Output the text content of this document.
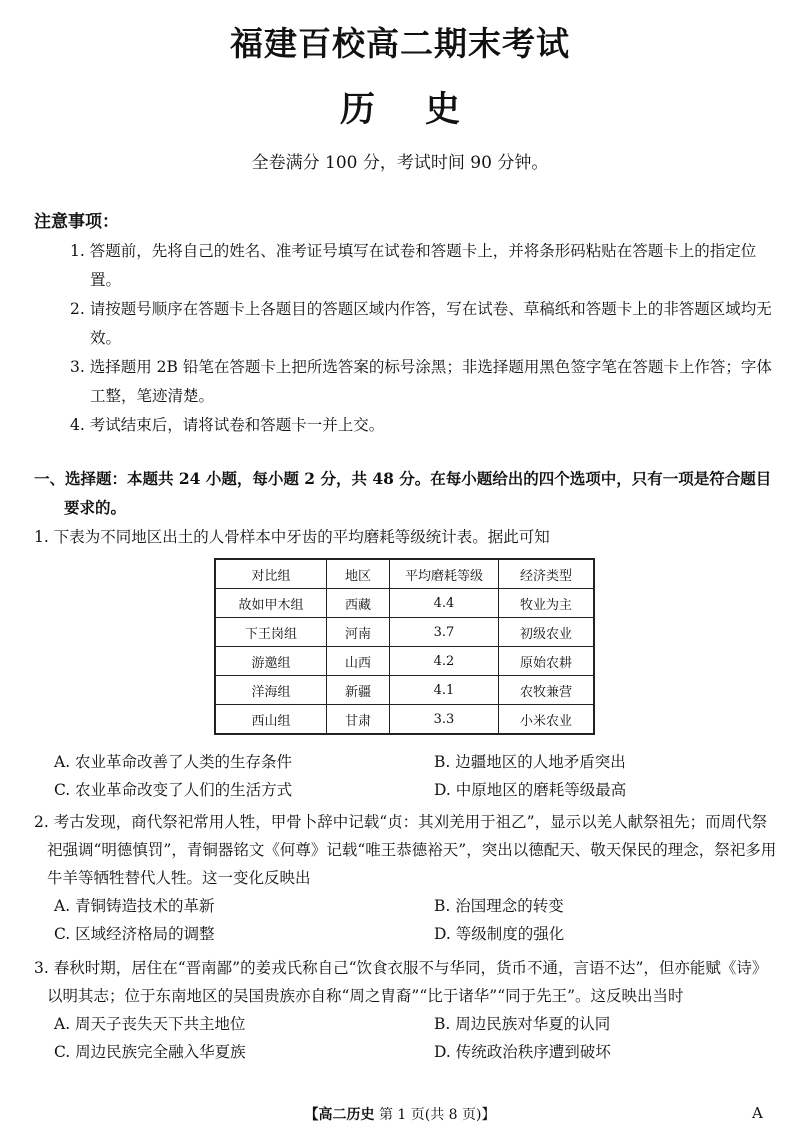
福建百校高二期末考试
历史
全卷满分 100 分，考试时间 90 分钟。
注意事项：
1. 答题前，先将自己的姓名、准考证号填写在试卷和答题卡上，并将条形码粘贴在答题卡上的指定位置。
2. 请按题号顺序在答题卡上各题目的答题区域内作答，写在试卷、草稿纸和答题卡上的非答题区域均无效。
3. 选择题用 2B 铅笔在答题卡上把所选答案的标号涂黑；非选择题用黑色签字笔在答题卡上作答；字体工整，笔迹清楚。
4. 考试结束后，请将试卷和答题卡一并上交。
一、选择题：本题共 24 小题，每小题 2 分，共 48 分。在每小题给出的四个选项中，只有一项是符合题目要求的。
1. 下表为不同地区出土的人骨样本中牙齿的平均磨耗等级统计表。据此可知
对比组	地区	平均磨耗等级	经济类型
故如甲木组	西藏	4.4	牧业为主
下王岗组	河南	3.7	初级农业
游邀组	山西	4.2	原始农耕
洋海组	新疆	4.1	农牧兼营
西山组	甘肃	3.3	小米农业
A. 农业革命改善了人类的生存条件	B. 边疆地区的人地矛盾突出
C. 农业革命改变了人们的生活方式	D. 中原地区的磨耗等级最高
2. 考古发现，商代祭祀常用人牲，甲骨卜辞中记载“贞：其刈羌用于祖乙”，显示以羌人献祭祖先；而周代祭祀强调“明德慎罚”，青铜器铭文《何尊》记载“唯王恭德裕天”，突出以德配天、敬天保民的理念，祭祀多用牛羊等牺牲替代人牲。这一变化反映出
A. 青铜铸造技术的革新	B. 治国理念的转变
C. 区域经济格局的调整	D. 等级制度的强化
3. 春秋时期，居住在“晋南鄙”的姜戎氏称自己“饮食衣服不与华同，货币不通，言语不达”，但亦能赋《诗》以明其志；位于东南地区的吴国贵族亦自称“周之胄裔”“比于诸华”“同于先王”。这反映出当时
A. 周天子丧失天下共主地位	B. 周边民族对华夏的认同
C. 周边民族完全融入华夏族	D. 传统政治秩序遭到破坏
【高二历史 第 1 页(共 8 页)】	A
